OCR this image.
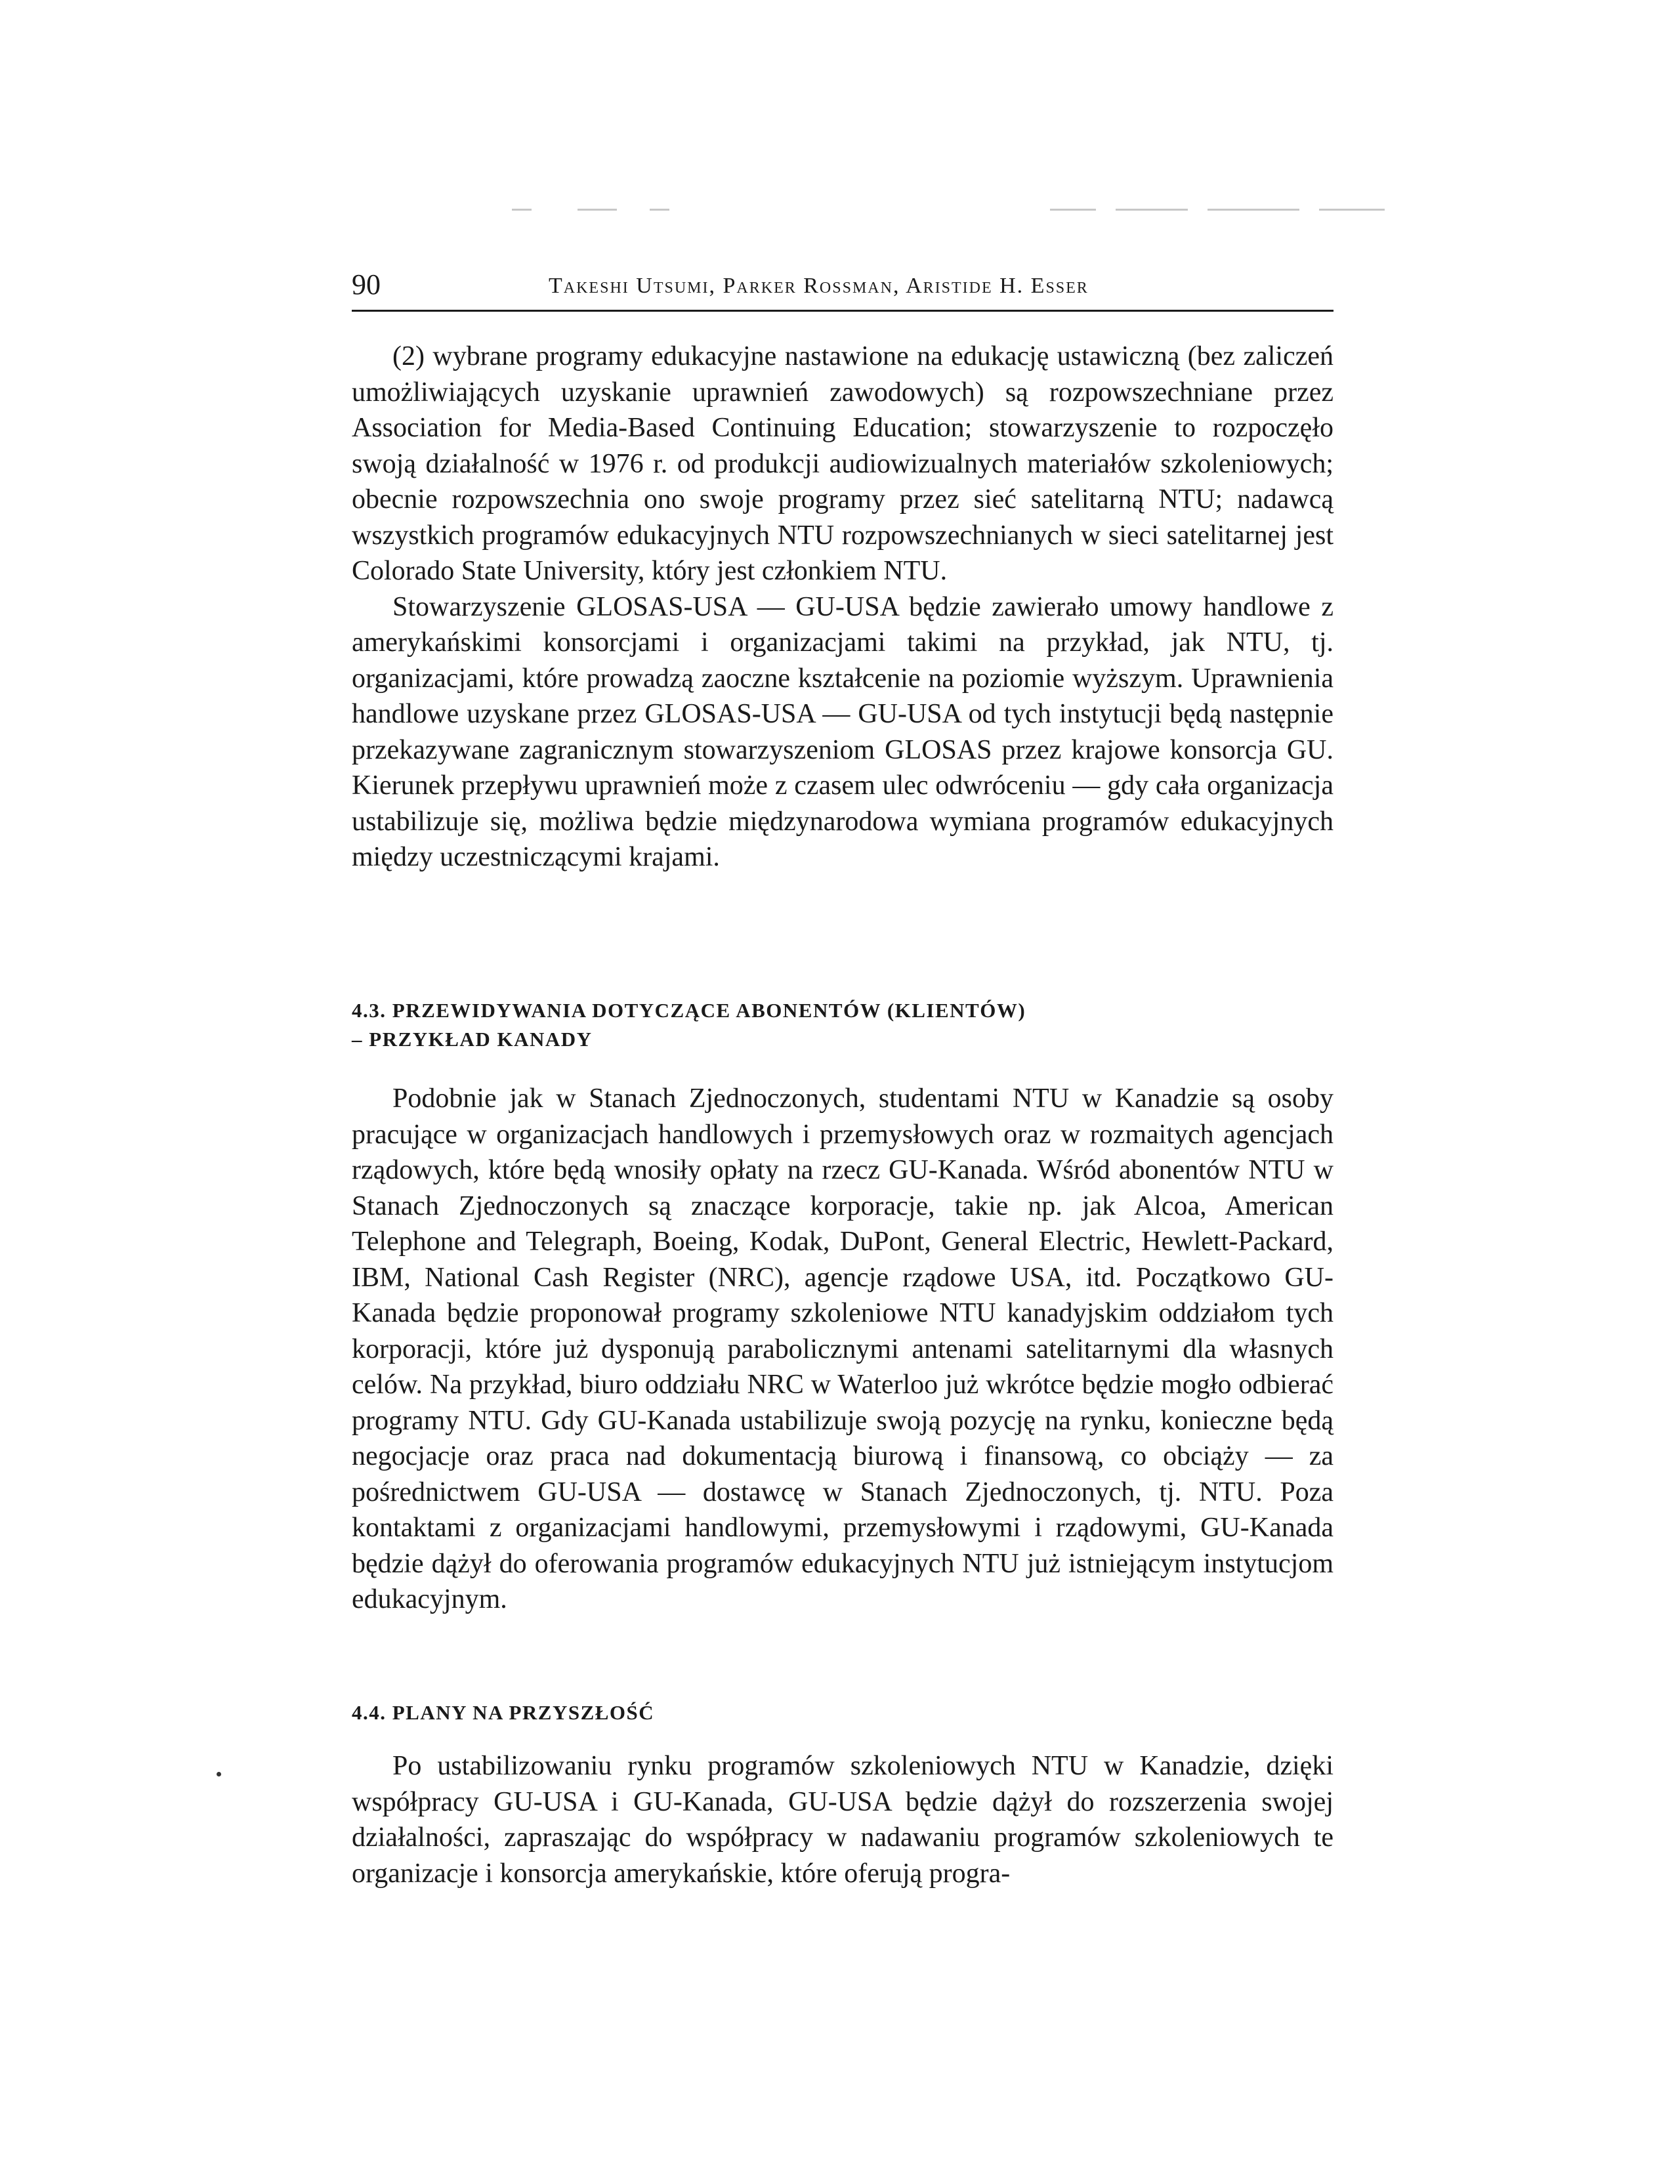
90	Takeshi Utsumi, Parker Rossman, Aristide H. Esser

(2) wybrane programy edukacyjne nastawione na edukację ustawiczną (bez zaliczeń umożliwiających uzyskanie uprawnień zawodowych) są rozpowszechniane przez Association for Media-Based Continuing Education; stowarzyszenie to rozpoczęło swoją działalność w 1976 r. od produkcji audiowizualnych materiałów szkoleniowych; obecnie rozpowszechnia ono swoje programy przez sieć satelitarną NTU; nadawcą wszystkich programów edukacyjnych NTU rozpowszechnianych w sieci satelitarnej jest Colorado State University, który jest członkiem NTU.

Stowarzyszenie GLOSAS-USA — GU-USA będzie zawierało umowy handlowe z amerykańskimi konsorcjami i organizacjami takimi na przykład, jak NTU, tj. organizacjami, które prowadzą zaoczne kształcenie na poziomie wyższym. Uprawnienia handlowe uzyskane przez GLOSAS-USA — GU-USA od tych instytucji będą następnie przekazywane zagranicznym stowarzyszeniom GLOSAS przez krajowe konsorcja GU. Kierunek przepływu uprawnień może z czasem ulec odwróceniu — gdy cała organizacja ustabilizuje się, możliwa będzie międzynarodowa wymiana programów edukacyjnych między uczestniczącymi krajami.

4.3. PRZEWIDYWANIA DOTYCZĄCE ABONENTÓW (KLIENTÓW)
– PRZYKŁAD KANADY

Podobnie jak w Stanach Zjednoczonych, studentami NTU w Kanadzie są osoby pracujące w organizacjach handlowych i przemysłowych oraz w rozmaitych agencjach rządowych, które będą wnosiły opłaty na rzecz GU-Kanada. Wśród abonentów NTU w Stanach Zjednoczonych są znaczące korporacje, takie np. jak Alcoa, American Telephone and Telegraph, Boeing, Kodak, DuPont, General Electric, Hewlett-Packard, IBM, National Cash Register (NRC), agencje rządowe USA, itd. Początkowo GU-Kanada będzie proponował programy szkoleniowe NTU kanadyjskim oddziałom tych korporacji, które już dysponują parabolicznymi antenami satelitarnymi dla własnych celów. Na przykład, biuro oddziału NRC w Waterloo już wkrótce będzie mogło odbierać programy NTU. Gdy GU-Kanada ustabilizuje swoją pozycję na rynku, konieczne będą negocjacje oraz praca nad dokumentacją biurową i finansową, co obciąży — za pośrednictwem GU-USA — dostawcę w Stanach Zjednoczonych, tj. NTU. Poza kontaktami z organizacjami handlowymi, przemysłowymi i rządowymi, GU-Kanada będzie dążył do oferowania programów edukacyjnych NTU już istniejącym instytucjom edukacyjnym.

4.4. PLANY NA PRZYSZŁOŚĆ

Po ustabilizowaniu rynku programów szkoleniowych NTU w Kanadzie, dzięki współpracy GU-USA i GU-Kanada, GU-USA będzie dążył do rozszerzenia swojej działalności, zapraszając do współpracy w nadawaniu programów szkoleniowych te organizacje i konsorcja amerykańskie, które oferują progra-
